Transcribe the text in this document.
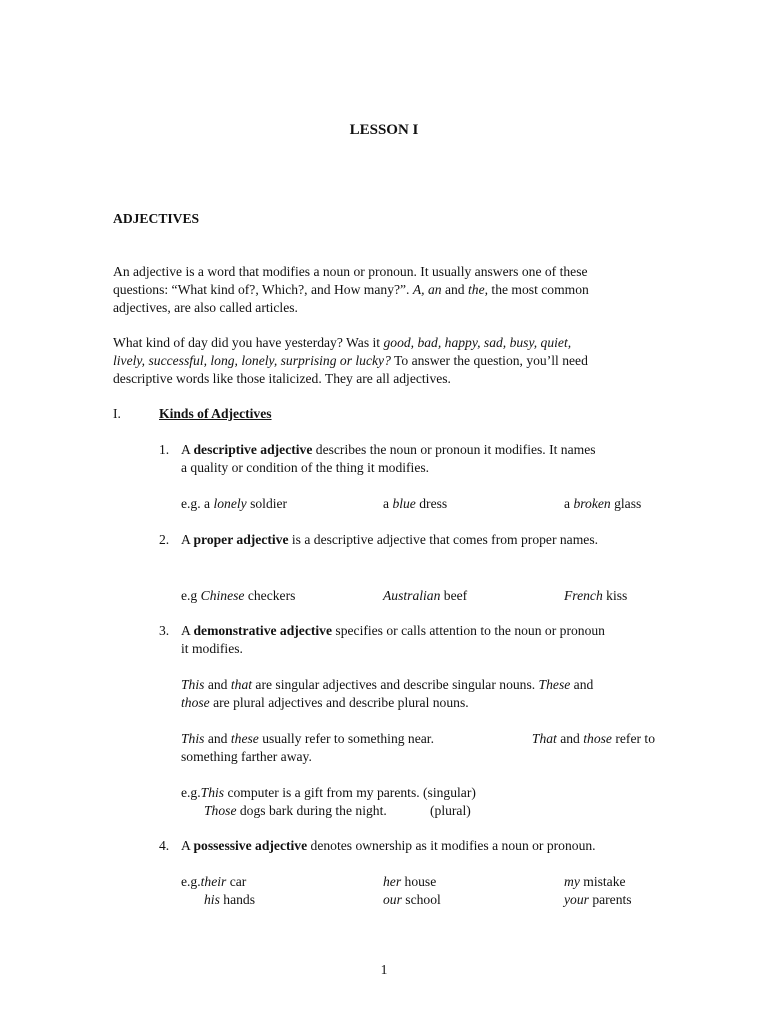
LESSON I
ADJECTIVES
An adjective is a word that modifies a noun or pronoun. It usually answers one of these
questions: “What kind of?, Which?, and How many?”. A, an and the, the most common
adjectives, are also called articles.
What kind of day did you have yesterday? Was it good, bad, happy, sad, busy, quiet,
lively, successful, long, lonely, surprising or lucky? To answer the question, you’ll need
descriptive words like those italicized. They are all adjectives.
I.	Kinds of Adjectives
1. A descriptive adjective describes the noun or pronoun it modifies. It names
a quality or condition of the thing it modifies.
e.g. a lonely soldier	a blue dress	a broken glass
2. A proper adjective is a descriptive adjective that comes from proper names.
e.g Chinese checkers	Australian beef	French kiss
3. A demonstrative adjective specifies or calls attention to the noun or pronoun
it modifies.
This and that are singular adjectives and describe singular nouns. These and
those are plural adjectives and describe plural nouns.
This and these usually refer to something near.	That and those refer to
something farther away.
e.g.This computer is a gift from my parents. (singular)
Those dogs bark during the night.	(plural)
4. A possessive adjective denotes ownership as it modifies a noun or pronoun.
e.g.their car	her house	my mistake
his hands	our school	your parents
1
